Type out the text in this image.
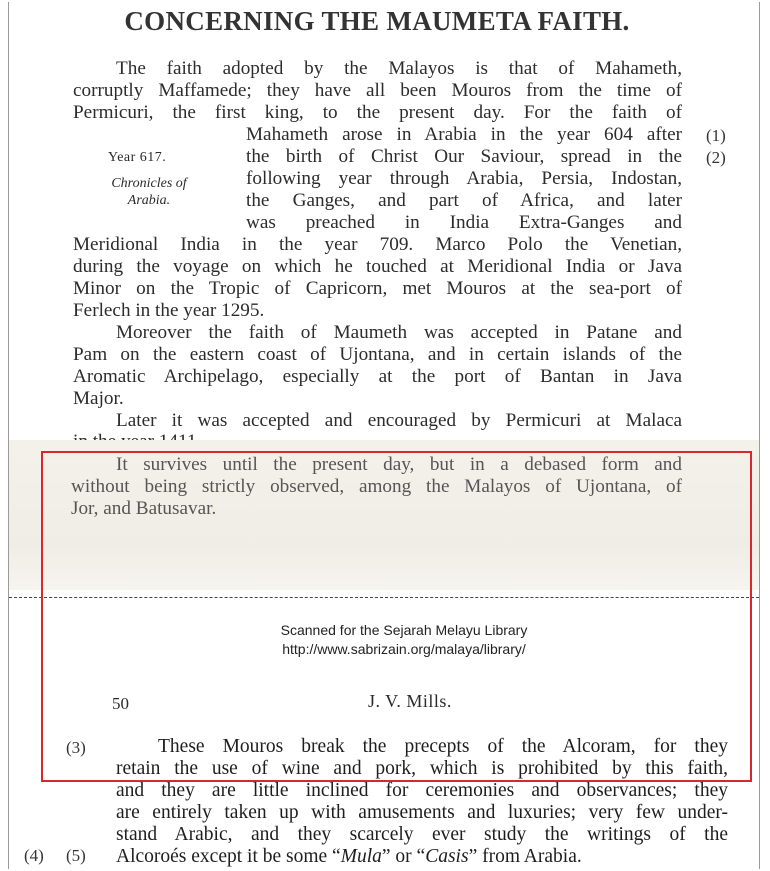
CONCERNING THE MAUMETA FAITH.
The faith adopted by the Malayos is that of Mahameth,
corruptly Maffamede; they have all been Mouros from the time of
Permicuri, the first king, to the present day. For the faith of
Mahameth arose in Arabia in the year 604 after
the birth of Christ Our Saviour, spread in the
following year through Arabia, Persia, Indostan,
the Ganges, and part of Africa, and later
was preached in India Extra-Ganges and
Meridional India in the year 709. Marco Polo the Venetian,
during the voyage on which he touched at Meridional India or Java
Minor on the Tropic of Capricorn, met Mouros at the sea-port of
Ferlech in the year 1295.
Year 617.
Chronicles of Arabia.
(1)
(2)
Moreover the faith of Maumeth was accepted in Patane and
Pam on the eastern coast of Ujontana, and in certain islands of the
Aromatic Archipelago, especially at the port of Bantan in Java
Major.
Later it was accepted and encouraged by Permicuri at Malaca
It survives until the present day, but in a debased form and
without being strictly observed, among the Malayos of Ujontana, of
Jor, and Batusavar.
Scanned for the Sejarah Melayu Library
http://www.sabrizain.org/malaya/library/
50	J. V. Mills.
(3)
(4) (5)
These Mouros break the precepts of the Alcoram, for they
retain the use of wine and pork, which is prohibited by this faith,
and they are little inclined for ceremonies and observances; they
are entirely taken up with amusements and luxuries; very few under-
stand Arabic, and they scarcely ever study the writings of the
Alcoroés except it be some “Mula” or “Casis” from Arabia.
